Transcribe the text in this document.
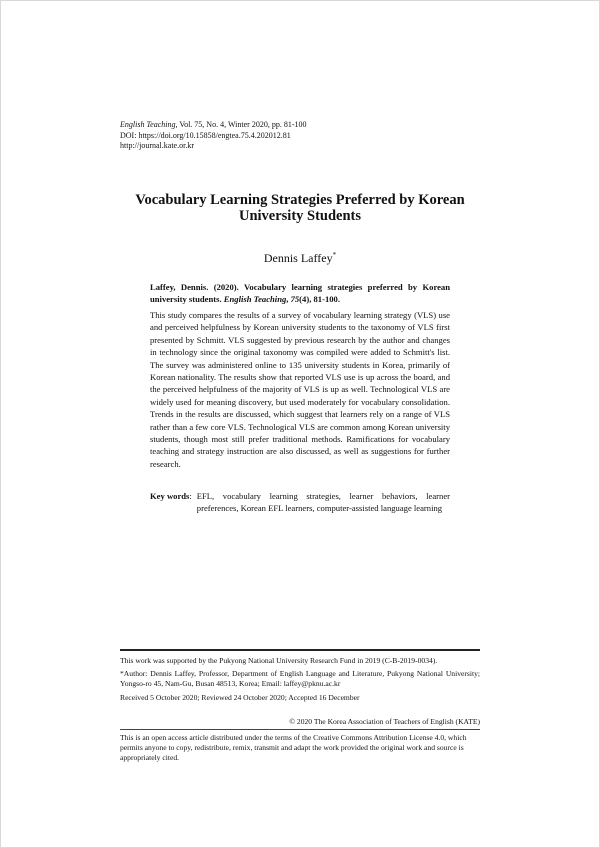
English Teaching, Vol. 75, No. 4, Winter 2020, pp. 81-100
DOI: https://doi.org/10.15858/engtea.75.4.202012.81
http://journal.kate.or.kr
Vocabulary Learning Strategies Preferred by Korean
University Students
Dennis Laffey*
Laffey, Dennis. (2020). Vocabulary learning strategies preferred by Korean university students. English Teaching, 75(4), 81-100.
This study compares the results of a survey of vocabulary learning strategy (VLS) use and perceived helpfulness by Korean university students to the taxonomy of VLS first presented by Schmitt. VLS suggested by previous research by the author and changes in technology since the original taxonomy was compiled were added to Schmitt's list. The survey was administered online to 135 university students in Korea, primarily of Korean nationality. The results show that reported VLS use is up across the board, and the perceived helpfulness of the majority of VLS is up as well. Technological VLS are widely used for meaning discovery, but used moderately for vocabulary consolidation. Trends in the results are discussed, which suggest that learners rely on a range of VLS rather than a few core VLS. Technological VLS are common among Korean university students, though most still prefer traditional methods. Ramifications for vocabulary teaching and strategy instruction are also discussed, as well as suggestions for further research.
Key words : EFL, vocabulary learning strategies, learner behaviors, learner preferences, Korean EFL learners, computer-assisted language learning

This work was supported by the Pukyong National University Research Fund in 2019 (C-B-2019-0034).

*Author: Dennis Laffey, Professor, Department of English Language and Literature, Pukyong National University; Yongso-ro 45, Nam-Gu, Busan 48513, Korea; Email: laffey@pknu.ac.kr

Received 5 October 2020; Reviewed 24 October 2020; Accepted 16 December

© 2020 The Korea Association of Teachers of English (KATE)
This is an open access article distributed under the terms of the Creative Commons Attribution License 4.0, which permits anyone to copy, redistribute, remix, transmit and adapt the work provided the original work and source is appropriately cited.
